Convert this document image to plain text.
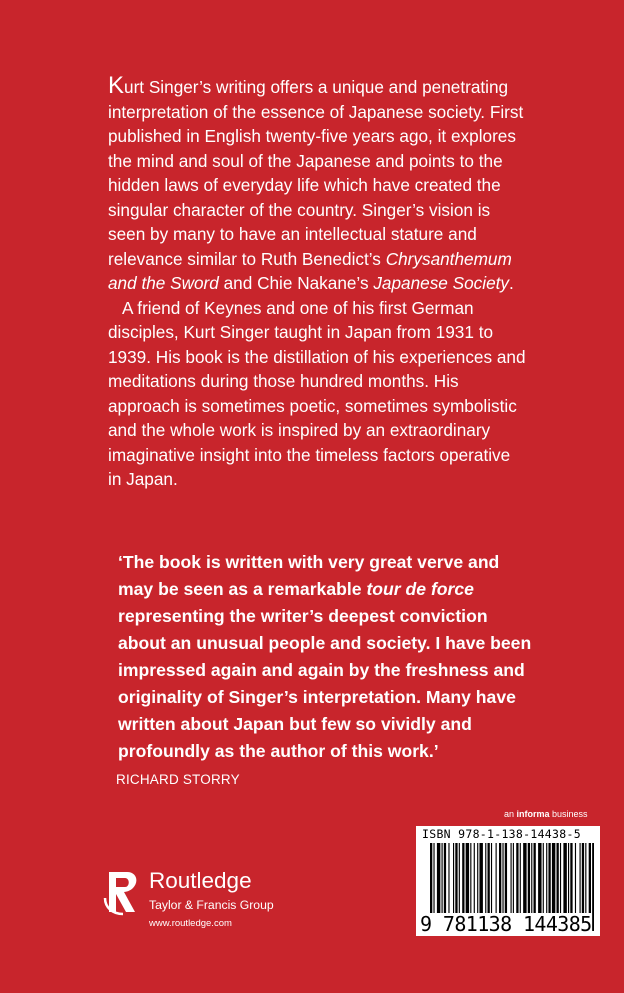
Kurt Singer’s writing offers a unique and penetrating interpretation of the essence of Japanese society. First published in English twenty-five years ago, it explores the mind and soul of the Japanese and points to the hidden laws of everyday life which have created the singular character of the country. Singer’s vision is seen by many to have an intellectual stature and relevance similar to Ruth Benedict’s Chrysanthemum and the Sword and Chie Nakane’s Japanese Society.

A friend of Keynes and one of his first German disciples, Kurt Singer taught in Japan from 1931 to 1939. His book is the distillation of his experiences and meditations during those hundred months. His approach is sometimes poetic, sometimes symbolistic and the whole work is inspired by an extraordinary imaginative insight into the timeless factors operative in Japan.

‘The book is written with very great verve and may be seen as a remarkable tour de force representing the writer’s deepest conviction about an unusual people and society. I have been impressed again and again by the freshness and originality of Singer’s interpretation. Many have written about Japan but few so vividly and profoundly as the author of this work.’

RICHARD STORRY
an informa business
ISBN 978-1-138-14438-5
9 781138 144385
Routledge
Taylor & Francis Group
www.routledge.com
